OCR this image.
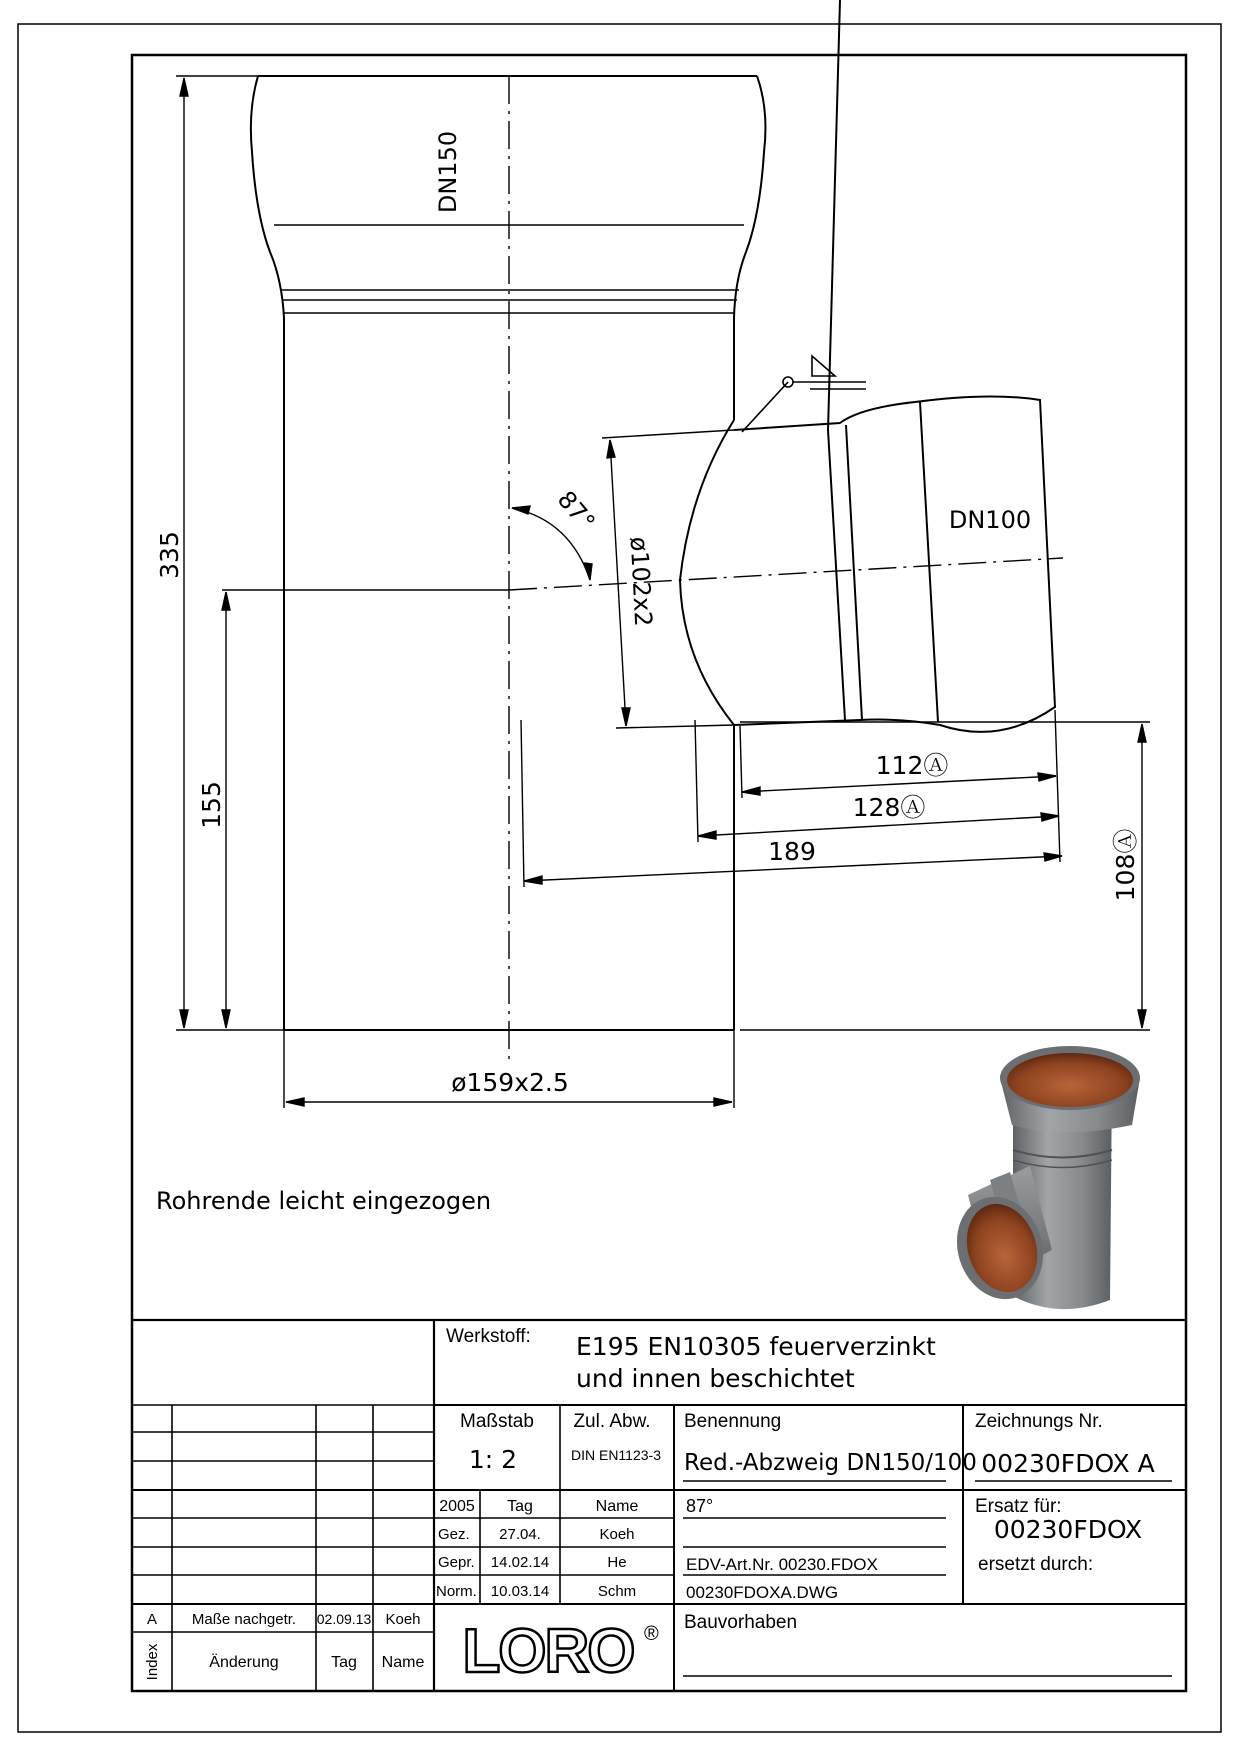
335
155
DN150
DN100
87°
ø102x2
112Ⓐ
128Ⓐ
189	108Ⓐ
ø159x2.5
Rohrende leicht eingezogen
Werkstoff: E195 EN10305 feuerverzinkt
und innen beschichtet
Maßstab
1: 2
Zul. Abw.
DIN EN1123-3
Benennung
Red.-Abzweig DN150/100
87°
EDV-Art.Nr. 00230.FDOX
00230FDOXA.DWG
Zeichnungs Nr.
00230FDOX A
Ersatz für:
00230FDOX
ersetzt durch:
2005 Tag	Name
Gez. 27.04.	Koeh
Gepr. 14.02.14	He
Norm. 10.03.14	Schm
A Maße nachgetr. 02.09.13 Koeh
Index	Änderung	Tag Name LORO ®
Bauvorhaben
